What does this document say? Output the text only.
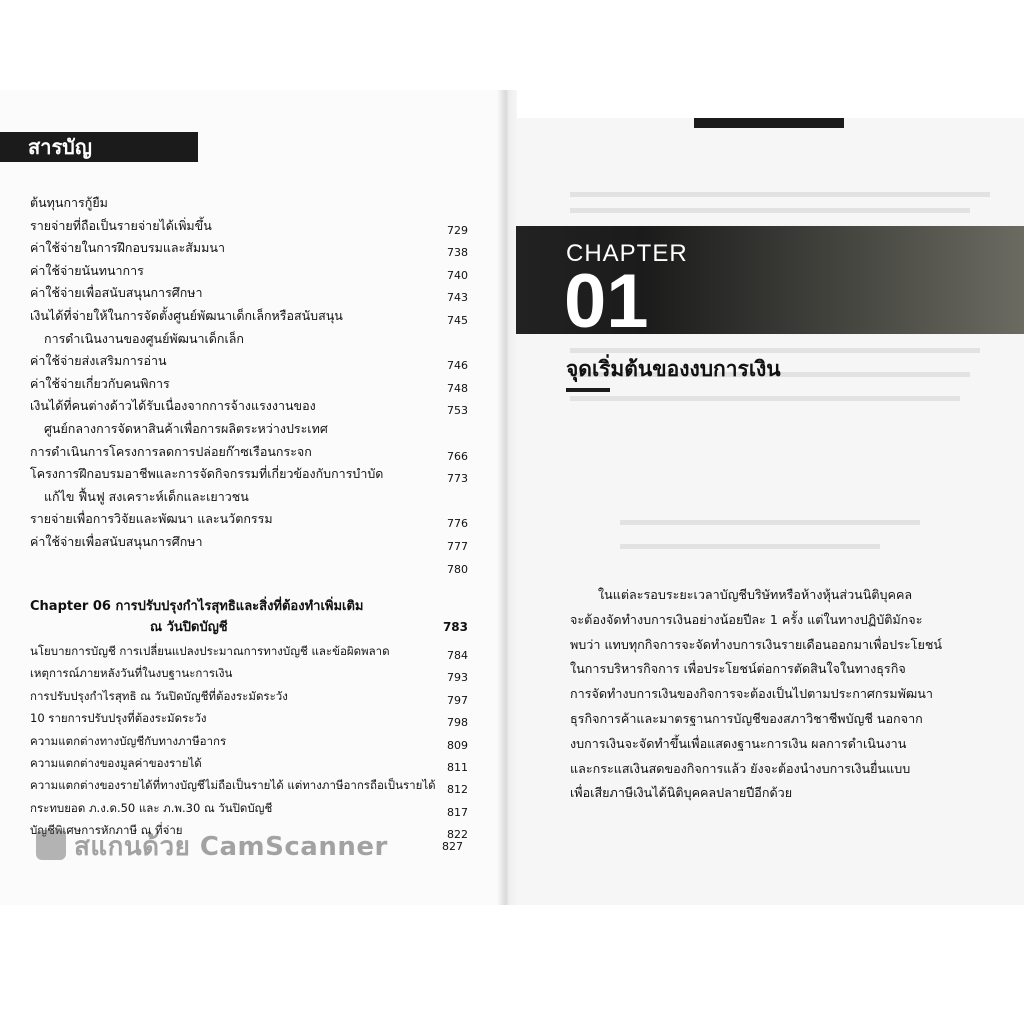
สารบัญ
ต้นทุนการกู้ยืม
รายจ่ายที่ถือเป็นรายจ่ายได้เพิ่มขึ้น	729
ค่าใช้จ่ายในการฝึกอบรมและสัมมนา	738
ค่าใช้จ่ายนันทนาการ	740
ค่าใช้จ่ายเพื่อสนับสนุนการศึกษา	743
เงินได้ที่จ่ายให้ในการจัดตั้งศูนย์พัฒนาเด็กเล็กหรือสนับสนุน	745
การดำเนินงานของศูนย์พัฒนาเด็กเล็ก
ค่าใช้จ่ายส่งเสริมการอ่าน	746
ค่าใช้จ่ายเกี่ยวกับคนพิการ	748
เงินได้ที่คนต่างด้าวได้รับเนื่องจากการจ้างแรงงานของ	753
ศูนย์กลางการจัดหาสินค้าเพื่อการผลิตระหว่างประเทศ
การดำเนินการโครงการลดการปล่อยก๊าซเรือนกระจก	766
โครงการฝึกอบรมอาชีพและการจัดกิจกรรมที่เกี่ยวข้องกับการบำบัด	773
แก้ไข ฟื้นฟู สงเคราะห์เด็กและเยาวชน
รายจ่ายเพื่อการวิจัยและพัฒนา และนวัตกรรม	776
ค่าใช้จ่ายเพื่อสนับสนุนการศึกษา	777
780
Chapter 06 การปรับปรุงกำไรสุทธิและสิ่งที่ต้องทำเพิ่มเติม
ณ วันปิดบัญชี	783
นโยบายการบัญชี การเปลี่ยนแปลงประมาณการทางบัญชี และข้อผิดพลาด	784
เหตุการณ์ภายหลังวันที่ในงบฐานะการเงิน	793
การปรับปรุงกำไรสุทธิ ณ วันปิดบัญชีที่ต้องระมัดระวัง	797
10 รายการปรับปรุงที่ต้องระมัดระวัง	798
ความแตกต่างทางบัญชีกับทางภาษีอากร	809
ความแตกต่างของมูลค่าของรายได้	811
ความแตกต่างของรายได้ที่ทางบัญชีไม่ถือเป็นรายได้ แต่ทางภาษีอากรถือเป็นรายได้ 812
กระทบยอด ภ.ง.ด.50 และ ภ.พ.30 ณ วันปิดบัญชี	817
บัญชีพิเศษการหักภาษี ณ ที่จ่าย	822
สแกนด้วย CamScanner	827
CHAPTER
01
จุดเริ่มต้นของงบการเงิน
ในแต่ละรอบระยะเวลาบัญชีบริษัทหรือห้างหุ้นส่วนนิติบุคคล
จะต้องจัดทำงบการเงินอย่างน้อยปีละ 1 ครั้ง แต่ในทางปฏิบัติมักจะ
พบว่า แทบทุกกิจการจะจัดทำงบการเงินรายเดือนออกมาเพื่อประโยชน์
ในการบริหารกิจการ เพื่อประโยชน์ต่อการตัดสินใจในทางธุรกิจ
การจัดทำงบการเงินของกิจการจะต้องเป็นไปตามประกาศกรมพัฒนา
ธุรกิจการค้าและมาตรฐานการบัญชีของสภาวิชาชีพบัญชี นอกจาก
งบการเงินจะจัดทำขึ้นเพื่อแสดงฐานะการเงิน ผลการดำเนินงาน
และกระแสเงินสดของกิจการแล้ว ยังจะต้องนำงบการเงินยื่นแบบ
เพื่อเสียภาษีเงินได้นิติบุคคลปลายปีอีกด้วย
